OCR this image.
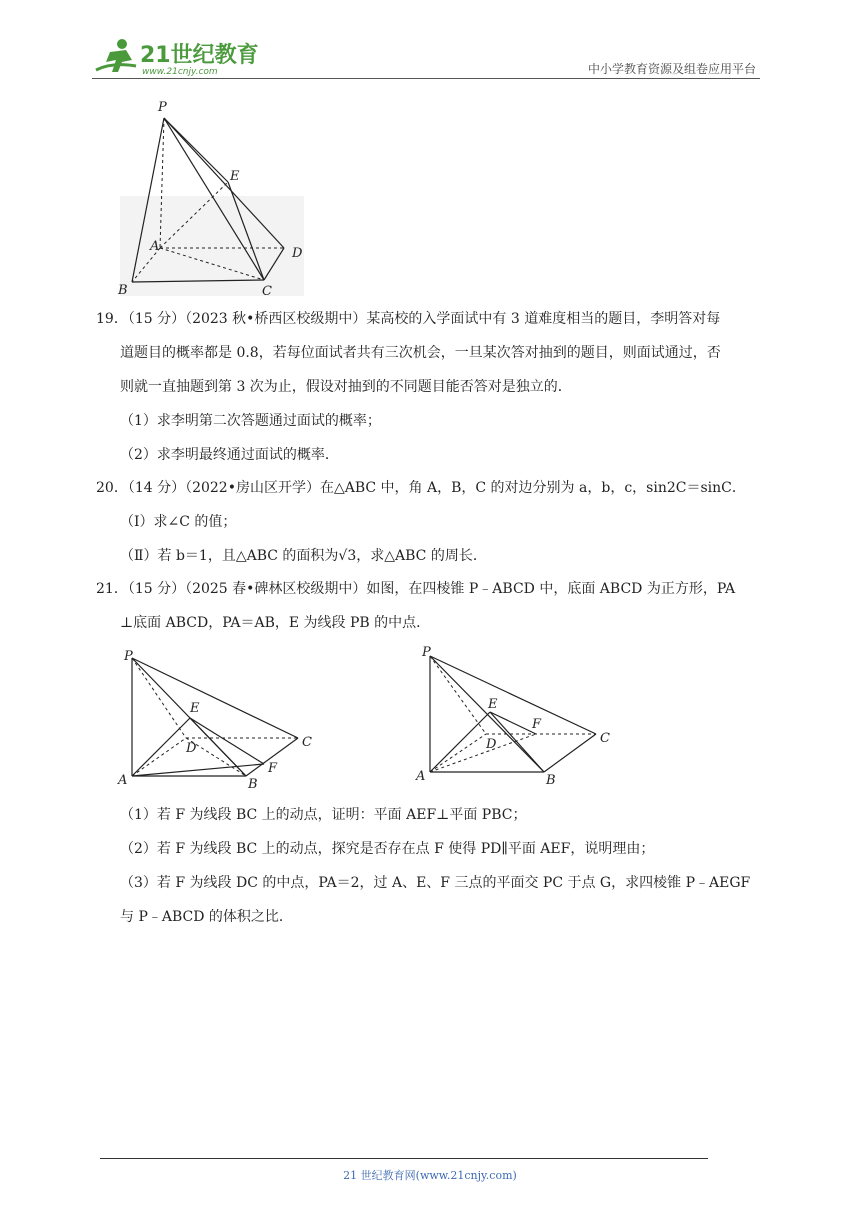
21世纪教育
www.21cnjy.com	中小学教育资源及组卷应用平台
P
E
A	D
B	C
19．（15 分）（2023 秋•桥西区校级期中）某高校的入学面试中有 3 道难度相当的题目，李明答对每
道题目的概率都是 0.8，若每位面试者共有三次机会，一旦某次答对抽到的题目，则面试通过，否
则就一直抽题到第 3 次为止，假设对抽到的不同题目能否答对是独立的．
（1）求李明第二次答题通过面试的概率；
（2）求李明最终通过面试的概率．
20．（14 分）（2022•房山区开学）在△ABC 中，角 A，B，C 的对边分别为 a，b，c，sin2C＝sinC．
（Ⅰ）求∠C 的值；
（Ⅱ）若 b＝1，且△ABC 的面积为√3，求△ABC 的周长．
21．（15 分）（2025 春•碑林区校级期中）如图，在四棱锥 P﹣ABCD 中，底面 ABCD 为正方形，PA
⊥底面 ABCD，PA＝AB，E 为线段 PB 的中点．
P
E
D	C
A	B
F
P
E
F
D	C
A	B
（1）若 F 为线段 BC 上的动点，证明：平面 AEF⊥平面 PBC；
（2）若 F 为线段 BC 上的动点，探究是否存在点 F 使得 PD∥平面 AEF，说明理由；
（3）若 F 为线段 DC 的中点，PA＝2，过 A、E、F 三点的平面交 PC 于点 G，求四棱锥 P﹣AEGF
与 P﹣ABCD 的体积之比．
21 世纪教育网(www.21cnjy.com)
